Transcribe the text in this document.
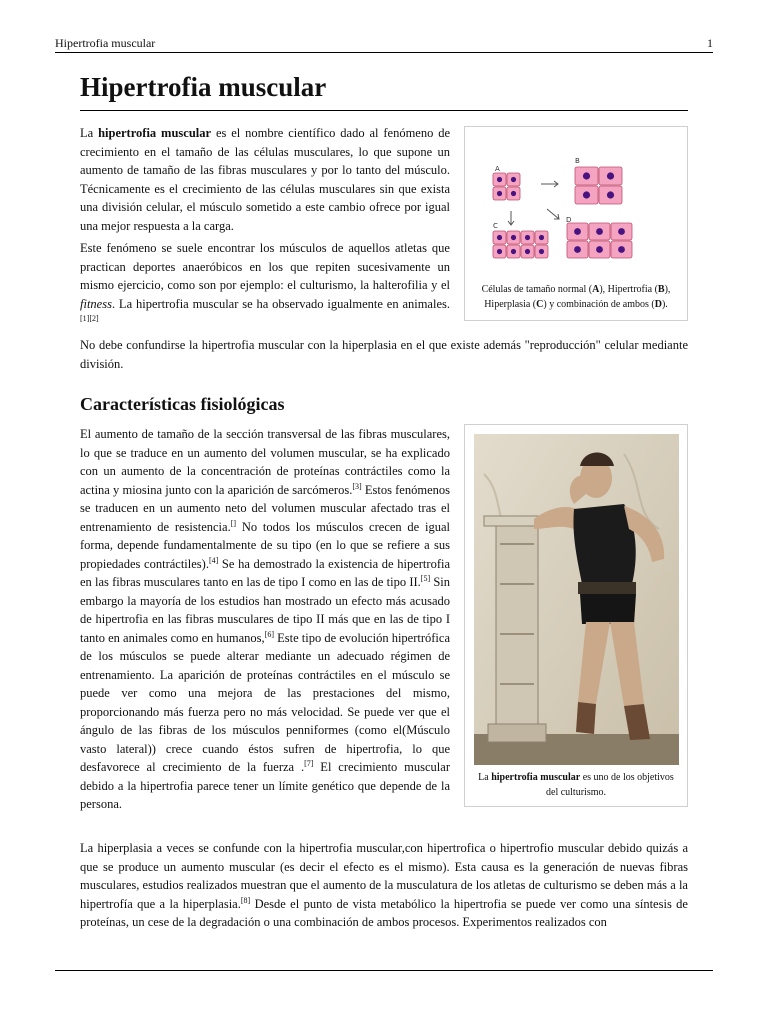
Hipertrofia muscular	1
Hipertrofia muscular

La hipertrofia muscular es el nombre científico dado al fenómeno de crecimiento en el tamaño de las células musculares, lo que supone un aumento de tamaño de las fibras musculares y por lo tanto del músculo. Técnicamente es el crecimiento de las células musculares sin que exista una división celular, el músculo sometido a este cambio ofrece por igual una mejor respuesta a la carga.

Este fenómeno se suele encontrar los músculos de aquellos atletas que practican deportes anaeróbicos en los que repiten sucesivamente un mismo ejercicio, como son por ejemplo: el culturismo, la halterofilia y el fitness. La hipertrofia muscular se ha observado igualmente en animales.[1][2]

A
B
C
D
Células de tamaño normal (A), Hipertrofia (B), Hiperplasia (C) y combinación de ambos (D).

No debe confundirse la hipertrofia muscular con la hiperplasia en el que existe además "reproducción" celular mediante división.

Características fisiológicas

El aumento de tamaño de la sección transversal de las fibras musculares, lo que se traduce en un aumento del volumen muscular, se ha explicado con un aumento de la concentración de proteínas contráctiles como la actina y miosina junto con la aparición de sarcómeros.[3] Estos fenómenos se traducen en un aumento neto del volumen muscular afectado tras el entrenamiento de resistencia.[] No todos los músculos crecen de igual forma, depende fundamentalmente de su tipo (en lo que se refiere a sus propiedades contráctiles).[4] Se ha demostrado la existencia de hipertrofia en las fibras musculares tanto en las de tipo I como en las de tipo II.[5] Sin embargo la mayoría de los estudios han mostrado un efecto más acusado de hipertrofia en las fibras musculares de tipo II más que en las de tipo I tanto en animales como en humanos,[6] Este tipo de evolución hipertrófica de los músculos se puede alterar mediante un adecuado régimen de entrenamiento. La aparición de proteínas contráctiles en el músculo se puede ver como una mejora de las prestaciones del mismo, proporcionando más fuerza pero no más velocidad. Se puede ver que el ángulo de las fibras de los músculos penniformes (como el(Músculo vasto lateral)) crece cuando éstos sufren de hipertrofia, lo que desfavorece al crecimiento de la fuerza .[7] El crecimiento muscular debido a la hipertrofia parece tener un límite genético que depende de la persona.

La hipertrofia muscular es uno de los objetivos del culturismo.

La hiperplasia a veces se confunde con la hipertrofia muscular,con hipertrofica o hipertrofio muscular debido quizás a que se produce un aumento muscular (es decir el efecto es el mismo). Esta causa es la generación de nuevas fibras musculares, estudios realizados muestran que el aumento de la musculatura de los atletas de culturismo se deben más a la hipertrofía que a la hiperplasia.[8] Desde el punto de vista metabólico la hipertrofia se puede ver como una síntesis de proteínas, un cese de la degradación o una combinación de ambos procesos. Experimentos realizados con
